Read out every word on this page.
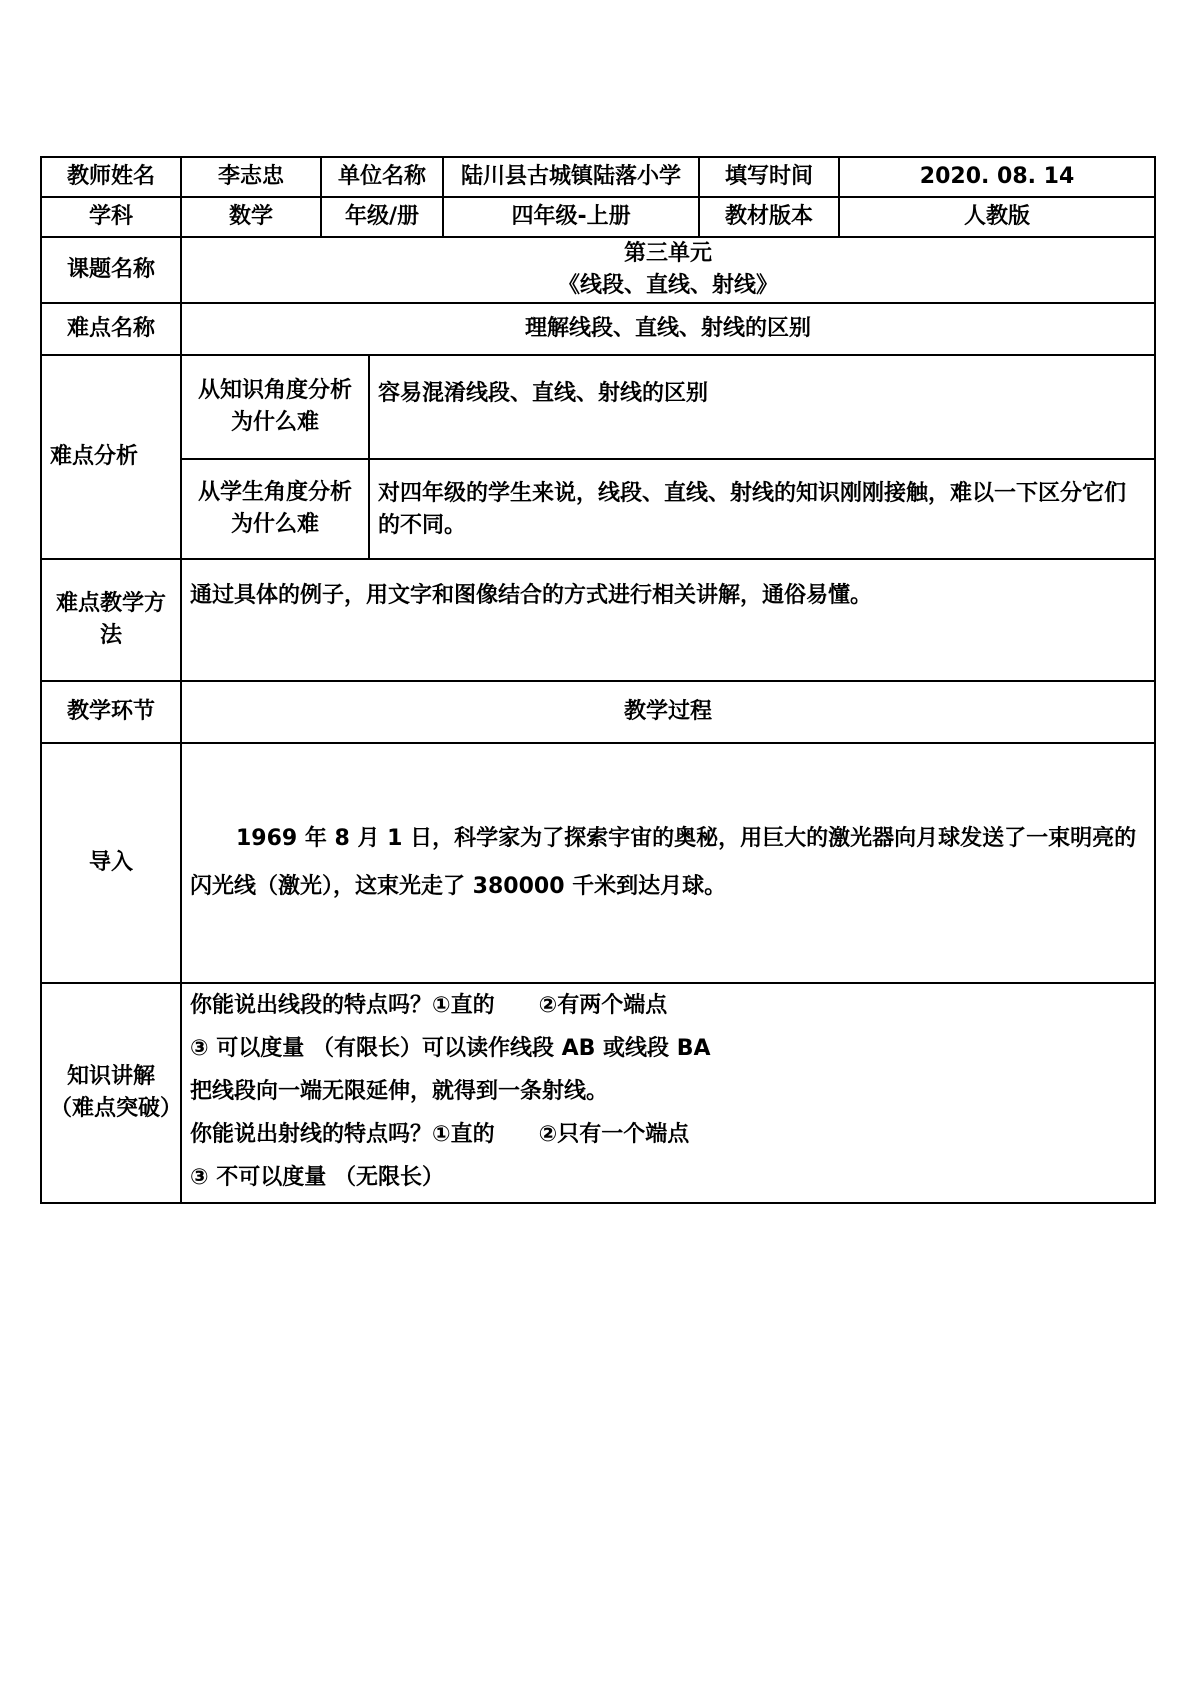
教师姓名	李志忠	单位名称		陆川县古城镇陆落小学	填写时间	2020. 08. 14
学科	数学	年级/册		四年级-上册	教材版本	人教版
课题名称	第三单元
《线段、直线、射线》					

难点名称	理解线段、直线、射线的区别					
难点分析	从知识角度分析为什么难		容易混淆线段、直线、射线的区别			
	从学生角度分析为什么难		对四年级的学生来说，线段、直线、射线的知识刚刚接触，难以一下区分它们的不同。			
难点教学方法	通过具体的例子，用文字和图像结合的方式进行相关讲解，通俗易懂。					
教学环节	教学过程					
导入	1969 年 8 月 1 日，科学家为了探索宇宙的奥秘，用巨大的激光器向月球发送了一束明亮的闪光线（激光），这束光走了 380000 千米到达月球。					

知识讲解（难点突破）	你能说出线段的特点吗？①直的　　②有两个端点
③ 可以度量 （有限长）可以读作线段 AB 或线段 BA
把线段向一端无限延伸，就得到一条射线。
你能说出射线的特点吗？①直的　　②只有一个端点
③ 不可以度量 （无限长）					
